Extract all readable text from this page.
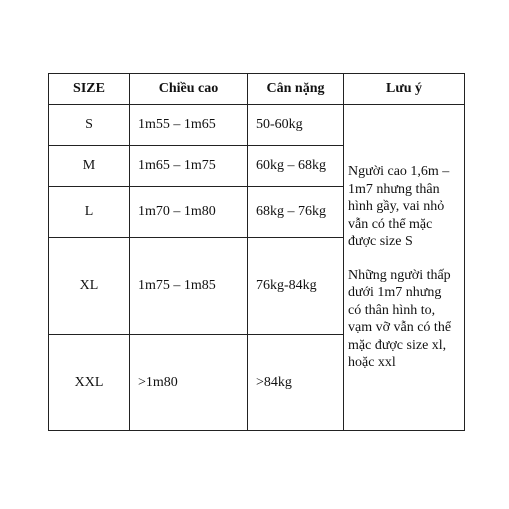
SIZE	Chiều cao	Cân nặng	Lưu ý
S	1m55 – 1m65	50-60kg	Người cao 1,6m – 1m7 nhưng thân hình gầy, vai nhỏ vẫn có thể mặc được size S
Những người thấp dưới 1m7 nhưng có thân hình to, vạm vỡ vẫn có thể mặc được size xl, hoặc xxl

M	1m65 – 1m75	60kg – 68kg	
L	1m70 – 1m80	68kg – 76kg	
XL	1m75 – 1m85	76kg-84kg	
XXL	>1m80	>84kg	
